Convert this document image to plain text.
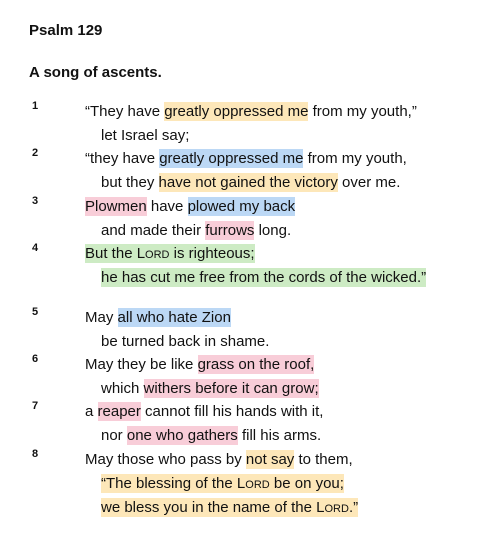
Psalm 129
A song of ascents.
1	“They have greatly oppressed me from my youth,”
let Israel say;
2	“they have greatly oppressed me from my youth,
but they have not gained the victory over me.
3	Plowmen have plowed my back
and made their furrows long.
4	But the Lord is righteous;
he has cut me free from the cords of the wicked.”
5	May all who hate Zion
be turned back in shame.
6	May they be like grass on the roof,
which withers before it can grow;
7	a reaper cannot fill his hands with it,
nor one who gathers fill his arms.
8	May those who pass by not say to them,
“The blessing of the Lord be on you;
we bless you in the name of the Lord.”
